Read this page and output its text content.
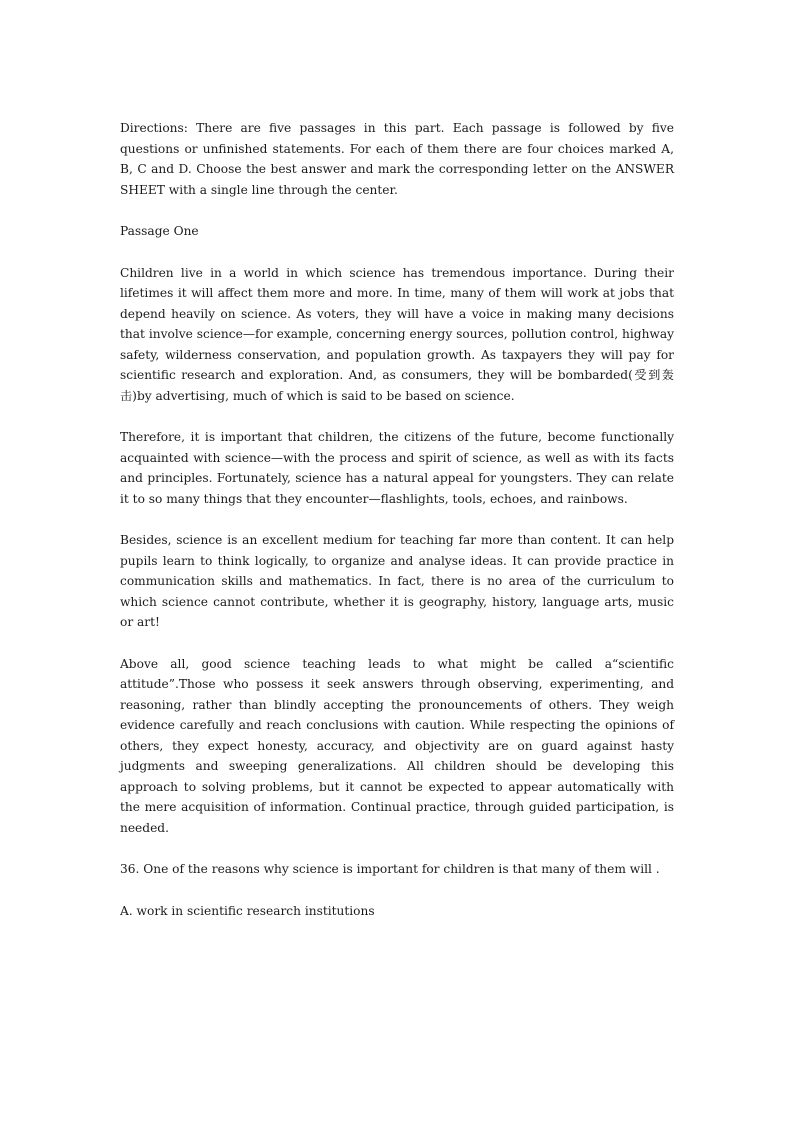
Directions: There are five passages in this part. Each passage is followed by five questions or unfinished statements. For each of them there are four choices marked A, B, C and D. Choose the best answer and mark the corresponding letter on the ANSWER SHEET with a single line through the center.

Passage One

Children live in a world in which science has tremendous importance. During their lifetimes it will affect them more and more. In time, many of them will work at jobs that depend heavily on science. As voters, they will have a voice in making many decisions that involve science—for example, concerning energy sources, pollution control, highway safety, wilderness conservation, and population growth. As taxpayers they will pay for scientific research and exploration. And, as consumers, they will be bombarded(受到轰击)by advertising, much of which is said to be based on science.

Therefore, it is important that children, the citizens of the future, become functionally acquainted with science—with the process and spirit of science, as well as with its facts and principles. Fortunately, science has a natural appeal for youngsters. They can relate it to so many things that they encounter—flashlights, tools, echoes, and rainbows.

Besides, science is an excellent medium for teaching far more than content. It can help pupils learn to think logically, to organize and analyse ideas. It can provide practice in communication skills and mathematics. In fact, there is no area of the curriculum to which science cannot contribute, whether it is geography, history, language arts, music or art!

Above all, good science teaching leads to what might be called a“scientific attitude”.Those who possess it seek answers through observing, experimenting, and reasoning, rather than blindly accepting the pronouncements of others. They weigh evidence carefully and reach conclusions with caution. While respecting the opinions of others, they expect honesty, accuracy, and objectivity are on guard against hasty judgments and sweeping generalizations. All children should be developing this approach to solving problems, but it cannot be expected to appear automatically with the mere acquisition of information. Continual practice, through guided participation, is needed.

36. One of the reasons why science is important for children is that many of them will .

A. work in scientific research institutions
